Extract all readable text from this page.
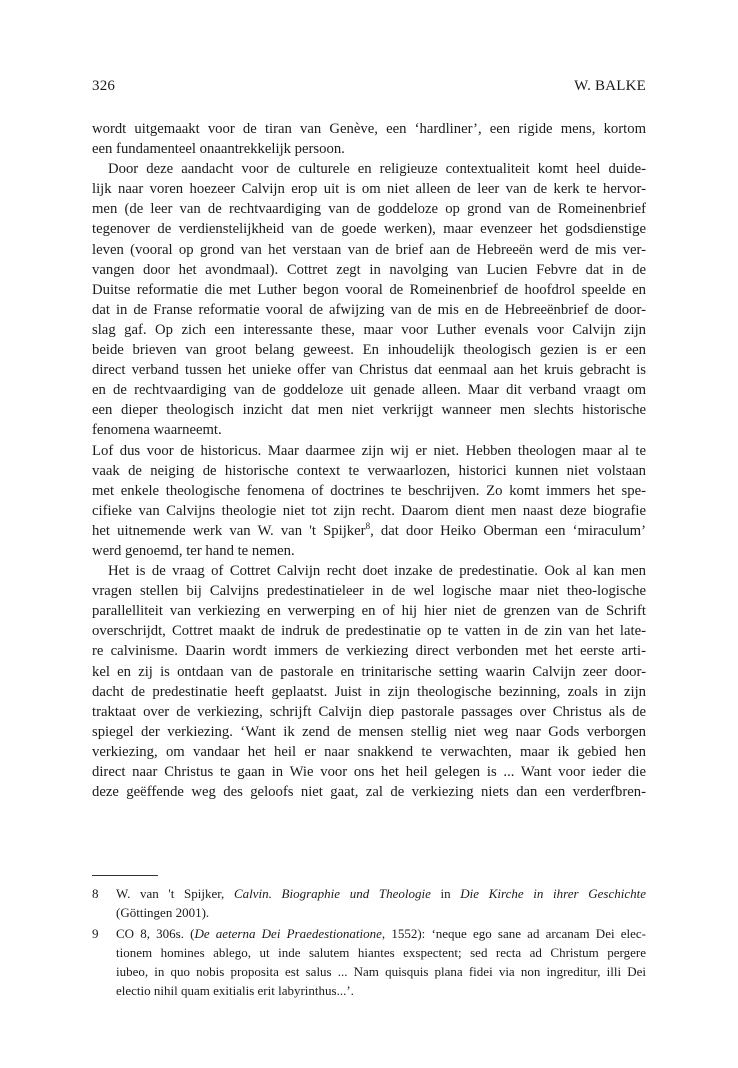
326	W. BALKE
wordt uitgemaakt voor de tiran van Genève, een ‘hardliner’, een rigide mens, kortom
een fundamenteel onaantrekkelijk persoon.
Door deze aandacht voor de culturele en religieuze contextualiteit komt heel duide-
lijk naar voren hoezeer Calvijn erop uit is om niet alleen de leer van de kerk te hervor-
men (de leer van de rechtvaardiging van de goddeloze op grond van de Romeinenbrief
tegenover de verdienstelijkheid van de goede werken), maar evenzeer het godsdienstige
leven (vooral op grond van het verstaan van de brief aan de Hebreeën werd de mis ver-
vangen door het avondmaal). Cottret zegt in navolging van Lucien Febvre dat in de
Duitse reformatie die met Luther begon vooral de Romeinenbrief de hoofdrol speelde en
dat in de Franse reformatie vooral de afwijzing van de mis en de Hebreeënbrief de door-
slag gaf. Op zich een interessante these, maar voor Luther evenals voor Calvijn zijn
beide brieven van groot belang geweest. En inhoudelijk theologisch gezien is er een
direct verband tussen het unieke offer van Christus dat eenmaal aan het kruis gebracht is
en de rechtvaardiging van de goddeloze uit genade alleen. Maar dit verband vraagt om
een dieper theologisch inzicht dat men niet verkrijgt wanneer men slechts historische
fenomena waarneemt.
Lof dus voor de historicus. Maar daarmee zijn wij er niet. Hebben theologen maar al te
vaak de neiging de historische context te verwaarlozen, historici kunnen niet volstaan
met enkele theologische fenomena of doctrines te beschrijven. Zo komt immers het spe-
cifieke van Calvijns theologie niet tot zijn recht. Daarom dient men naast deze biografie
het uitnemende werk van W. van 't Spijker$^8$, dat door Heiko Oberman een ‘miraculum’
werd genoemd, ter hand te nemen.
Het is de vraag of Cottret Calvijn recht doet inzake de predestinatie. Ook al kan men
vragen stellen bij Calvijns predestinatieleer in de wel logische maar niet theo-logische
parallelliteit van verkiezing en verwerping en of hij hier niet de grenzen van de Schrift
overschrijdt, Cottret maakt de indruk de predestinatie op te vatten in de zin van het late-
re calvinisme. Daarin wordt immers de verkiezing direct verbonden met het eerste arti-
kel en zij is ontdaan van de pastorale en trinitarische setting waarin Calvijn zeer door-
dacht de predestinatie heeft geplaatst. Juist in zijn theologische bezinning, zoals in zijn
traktaat over de verkiezing, schrijft Calvijn diep pastorale passages over Christus als de
spiegel der verkiezing. ‘Want ik zend de mensen stellig niet weg naar Gods verborgen
verkiezing, om vandaar het heil er naar snakkend te verwachten, maar ik gebied hen
direct naar Christus te gaan in Wie voor ons het heil gelegen is ... Want voor ieder die
deze geëffende weg des geloofs niet gaat, zal de verkiezing niets dan een verderfbren-
8 W. van 't Spijker, Calvin. Biographie und Theologie in Die Kirche in ihrer Geschichte
(Göttingen 2001).
9 CO 8, 306s. (De aeterna Dei Praedestionatione, 1552): ‘neque ego sane ad arcanam Dei elec-
tionem homines ablego, ut inde salutem hiantes exspectent; sed recta ad Christum pergere
iubeo, in quo nobis proposita est salus ... Nam quisquis plana fidei via non ingreditur, illi Dei
electio nihil quam exitialis erit labyrinthus...’.
